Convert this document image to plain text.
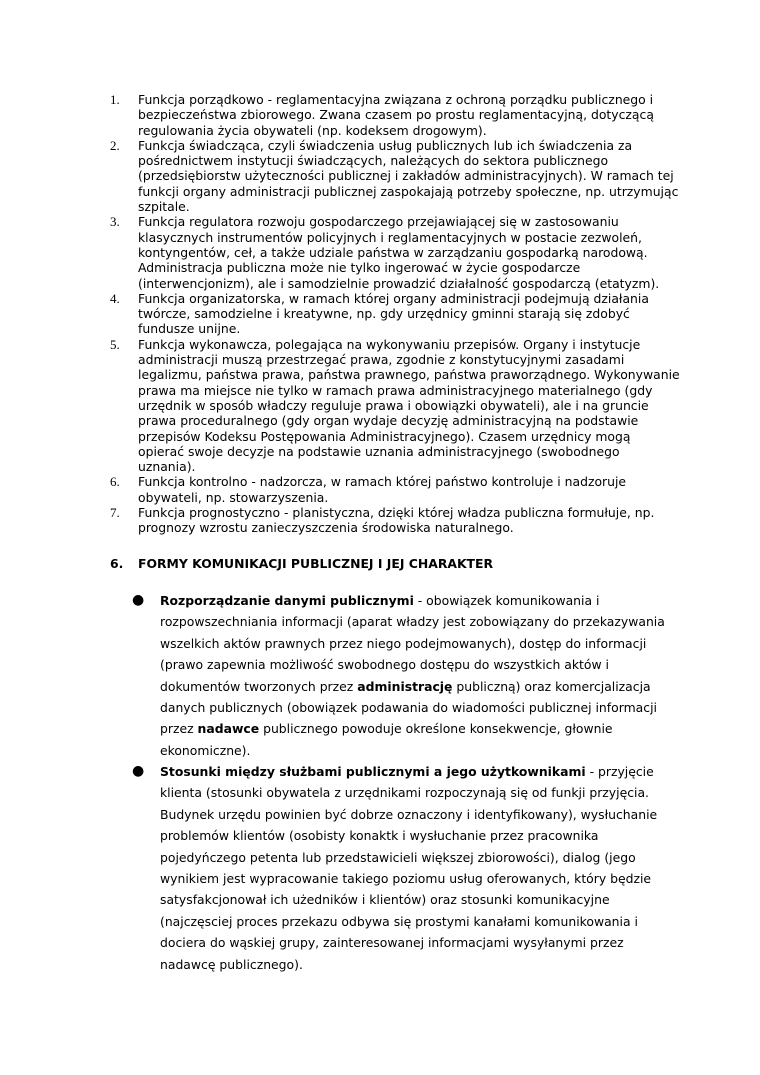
1. Funkcja porządkowo - reglamentacyjna związana z ochroną porządku publicznego i bezpieczeństwa zbiorowego. Zwana czasem po prostu reglamentacyjną, dotyczącą regulowania życia obywateli (np. kodeksem drogowym).
2. Funkcja świadcząca, czyli świadczenia usług publicznych lub ich świadczenia za pośrednictwem instytucji świadczących, należących do sektora publicznego (przedsiębiorstw użyteczności publicznej i zakładów administracyjnych). W ramach tej funkcji organy administracji publicznej zaspokajają potrzeby społeczne, np. utrzymując szpitale.
3. Funkcja regulatora rozwoju gospodarczego przejawiającej się w zastosowaniu klasycznych instrumentów policyjnych i reglamentacyjnych w postacie zezwoleń, kontyngentów, ceł, a także udziale państwa w zarządzaniu gospodarką narodową. Administracja publiczna może nie tylko ingerować w życie gospodarcze (interwencjonizm), ale i samodzielnie prowadzić działalność gospodarczą (etatyzm).
4. Funkcja organizatorska, w ramach której organy administracji podejmują działania twórcze, samodzielne i kreatywne, np. gdy urzędnicy gminni starają się zdobyć fundusze unijne.
5. Funkcja wykonawcza, polegająca na wykonywaniu przepisów. Organy i instytucje administracji muszą przestrzegać prawa, zgodnie z konstytucyjnymi zasadami legalizmu, państwa prawa, państwa prawnego, państwa praworządnego. Wykonywanie prawa ma miejsce nie tylko w ramach prawa administracyjnego materialnego (gdy urzędnik w sposób władczy reguluje prawa i obowiązki obywateli), ale i na gruncie prawa proceduralnego (gdy organ wydaje decyzję administracyjną na podstawie przepisów Kodeksu Postępowania Administracyjnego). Czasem urzędnicy mogą opierać swoje decyzje na podstawie uznania administracyjnego (swobodnego uznania).
6. Funkcja kontrolno - nadzorcza, w ramach której państwo kontroluje i nadzoruje obywateli, np. stowarzyszenia.
7. Funkcja prognostyczno - planistyczna, dzięki której władza publiczna formułuje, np. prognozy wzrostu zanieczyszczenia środowiska naturalnego.
6. FORMY KOMUNIKACJI PUBLICZNEJ I JEJ CHARAKTER
● Rozporządzanie danymi publicznymi - obowiązek komunikowania i rozpowszechniania informacji (aparat władzy jest zobowiązany do przekazywania wszelkich aktów prawnych przez niego podejmowanych), dostęp do informacji (prawo zapewnia możliwość swobodnego dostępu do wszystkich aktów i dokumentów tworzonych przez administrację publiczną) oraz komercjalizacja danych publicznych (obowiązek podawania do wiadomości publicznej informacji przez nadawce publicznego powoduje określone konsekwencje, głownie ekonomiczne).
● Stosunki między służbami publicznymi a jego użytkownikami - przyjęcie klienta (stosunki obywatela z urzędnikami rozpoczynają się od funkji przyjęcia. Budynek urzędu powinien być dobrze oznaczony i identyfikowany), wysłuchanie problemów klientów (osobisty konaktk i wysłuchanie przez pracownika pojedyńczego petenta lub przedstawicieli większej zbiorowości), dialog (jego wynikiem jest wypracowanie takiego poziomu usług oferowanych, który będzie satysfakcjonował ich użedników i klientów) oraz stosunki komunikacyjne (najczęsciej proces przekazu odbywa się prostymi kanałami komunikowania i dociera do wąskiej grupy, zainteresowanej informacjami wysyłanymi przez nadawcę publicznego).
